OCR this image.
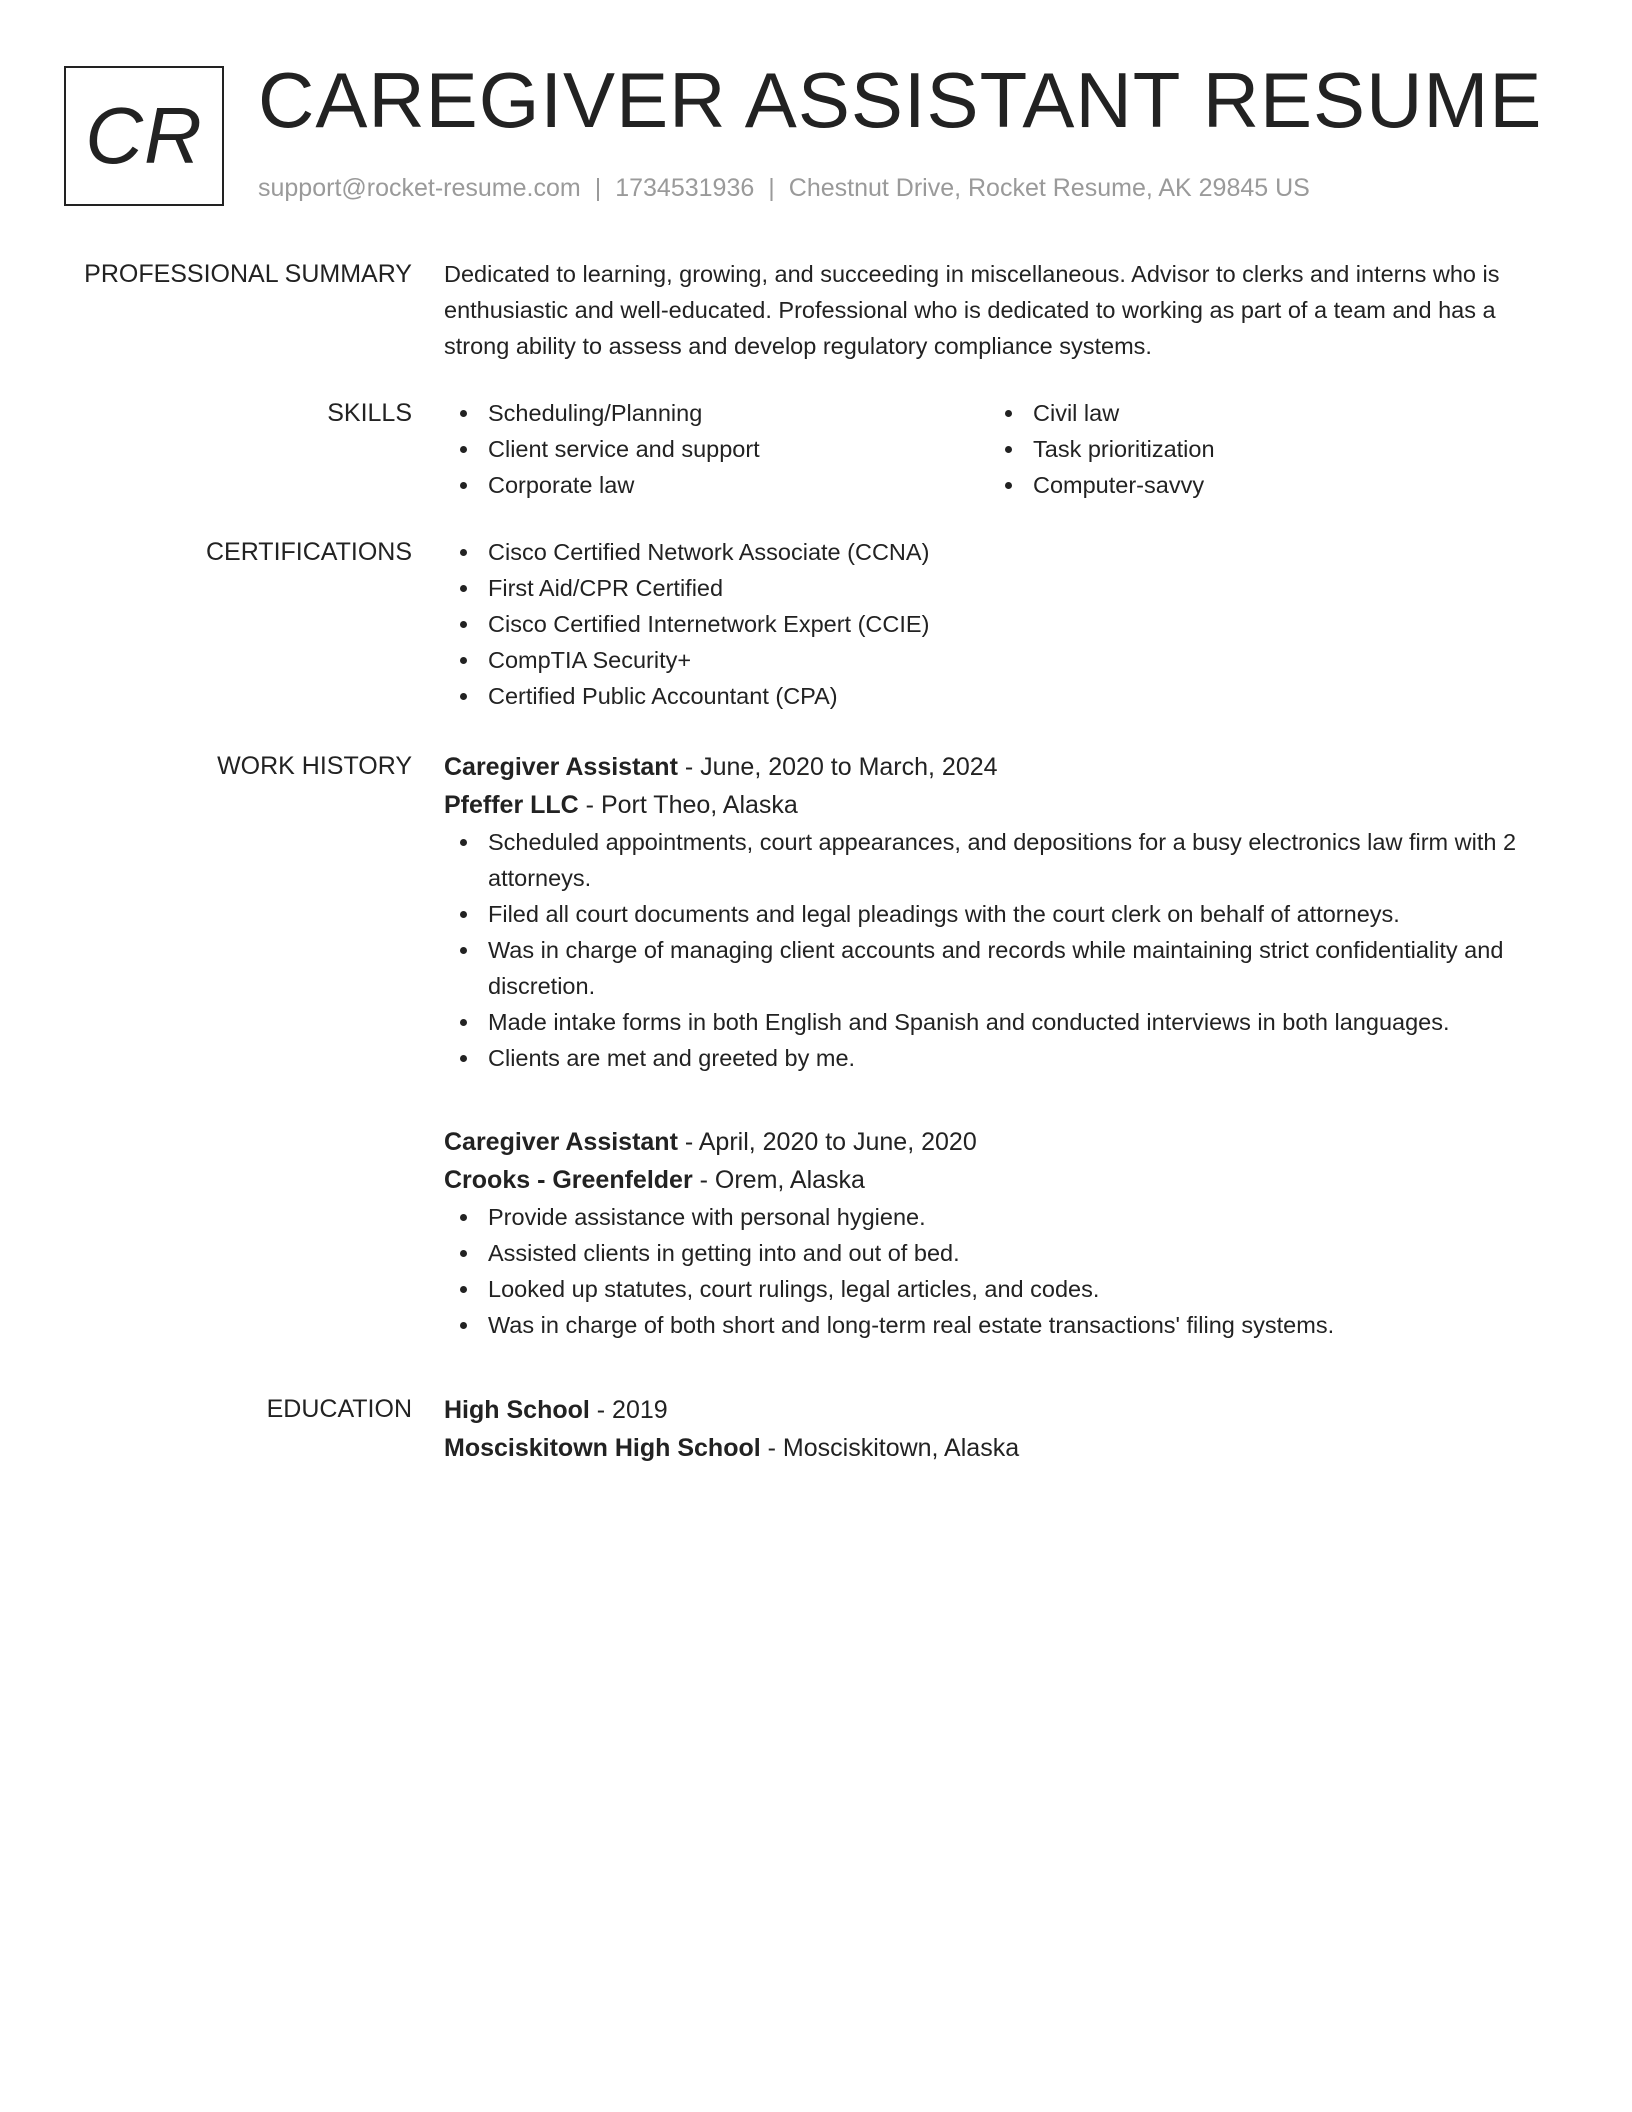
CR CAREGIVER ASSISTANT RESUME
support@rocket-resume.com | 1734531936 | Chestnut Drive, Rocket Resume, AK 29845 US
PROFESSIONAL SUMMARY Dedicated to learning, growing, and succeeding in miscellaneous. Advisor to clerks and interns who is enthusiastic and well-educated. Professional who is dedicated to working as part of a team and has a strong ability to assess and develop regulatory compliance systems.

SKILLS	Scheduling/Planning
Client service and support
Corporate law
Civil law
Task prioritization
Computer-savvy
CERTIFICATIONS	Cisco Certified Network Associate (CCNA)
First Aid/CPR Certified
Cisco Certified Internetwork Expert (CCIE)
CompTIA Security+
Certified Public Accountant (CPA)
WORK HISTORY Caregiver Assistant - June, 2020 to March, 2024
Pfeffer LLC - Port Theo, Alaska
Scheduled appointments, court appearances, and depositions for a busy electronics law firm with 2 attorneys.
Filed all court documents and legal pleadings with the court clerk on behalf of attorneys.
Was in charge of managing client accounts and records while maintaining strict confidentiality and discretion.
Made intake forms in both English and Spanish and conducted interviews in both languages.
Clients are met and greeted by me.
Caregiver Assistant - April, 2020 to June, 2020
Crooks - Greenfelder - Orem, Alaska
Provide assistance with personal hygiene.
Assisted clients in getting into and out of bed.
Looked up statutes, court rulings, legal articles, and codes.
Was in charge of both short and long-term real estate transactions' filing systems.
EDUCATION High School - 2019
Mosciskitown High School - Mosciskitown, Alaska
